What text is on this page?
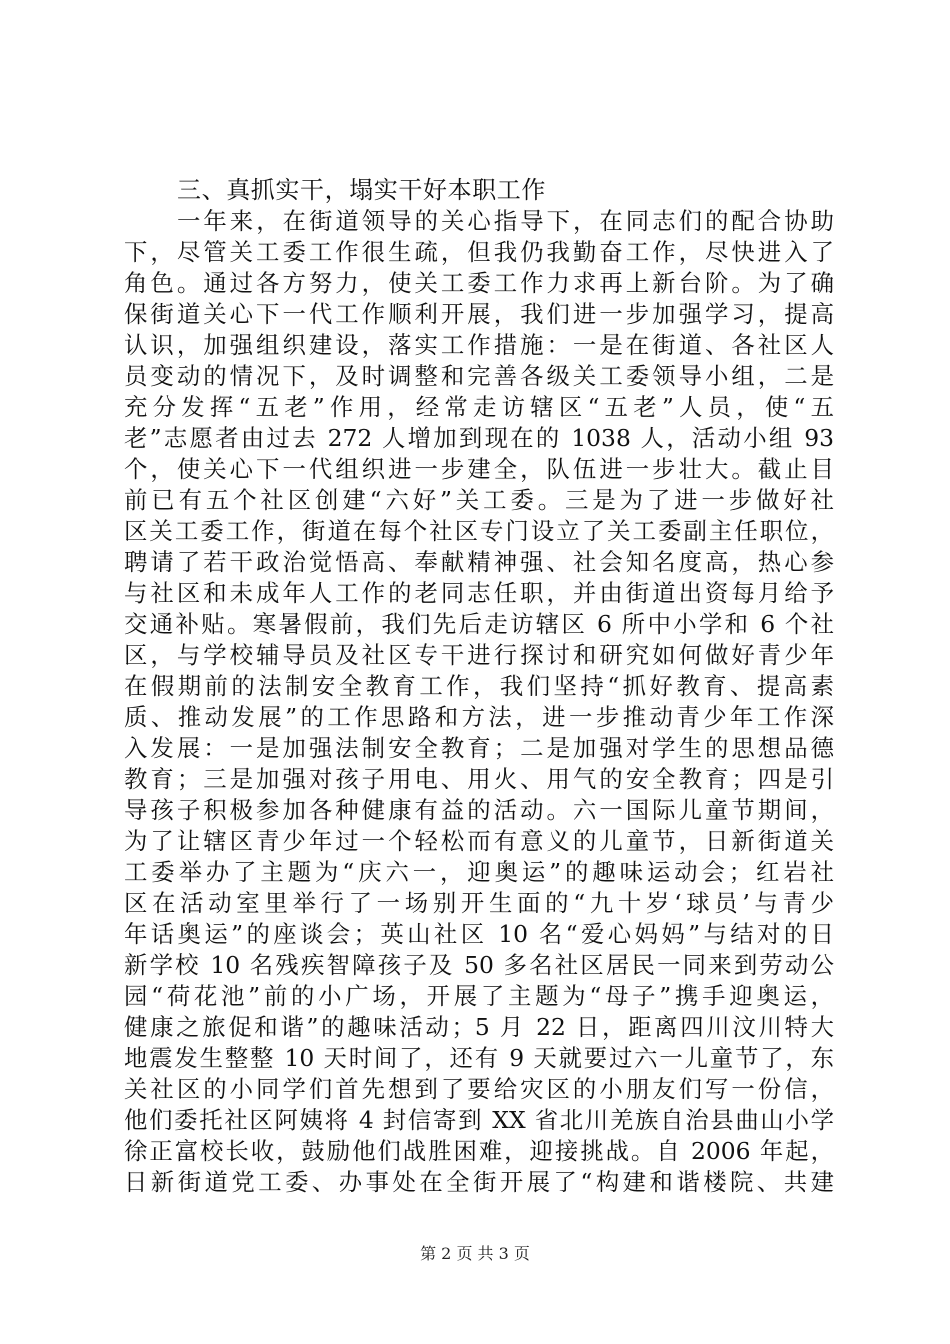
三、真抓实干，塌实干好本职工作
一年来，在街道领导的关心指导下，在同志们的配合协助
下，尽管关工委工作很生疏，但我仍我勤奋工作，尽快进入了
角色。通过各方努力，使关工委工作力求再上新台阶。为了确
保街道关心下一代工作顺利开展，我们进一步加强学习，提高
认识，加强组织建设，落实工作措施：一是在街道、各社区人
员变动的情况下，及时调整和完善各级关工委领导小组，二是
充分发挥“五老”作用，经常走访辖区“五老”人员，使“五
老”志愿者由过去 272 人增加到现在的 1038 人，活动小组 93
个，使关心下一代组织进一步建全，队伍进一步壮大。截止目
前已有五个社区创建“六好”关工委。三是为了进一步做好社
区关工委工作，街道在每个社区专门设立了关工委副主任职位，
聘请了若干政治觉悟高、奉献精神强、社会知名度高，热心参
与社区和未成年人工作的老同志任职，并由街道出资每月给予
交通补贴。寒暑假前，我们先后走访辖区 6 所中小学和 6 个社
区，与学校辅导员及社区专干进行探讨和研究如何做好青少年
在假期前的法制安全教育工作，我们坚持“抓好教育、提高素
质、推动发展”的工作思路和方法，进一步推动青少年工作深
入发展：一是加强法制安全教育；二是加强对学生的思想品德
教育；三是加强对孩子用电、用火、用气的安全教育；四是引
导孩子积极参加各种健康有益的活动。六一国际儿童节期间，
为了让辖区青少年过一个轻松而有意义的儿童节，日新街道关
工委举办了主题为“庆六一，迎奥运”的趣味运动会；红岩社
区在活动室里举行了一场别开生面的“九十岁‘球员’与青少
年话奥运”的座谈会；英山社区 10 名“爱心妈妈”与结对的日
新学校 10 名残疾智障孩子及 50 多名社区居民一同来到劳动公
园“荷花池”前的小广场，开展了主题为“母子”携手迎奥运，
健康之旅促和谐”的趣味活动；5 月 22 日，距离四川汶川特大
地震发生整整 10 天时间了，还有 9 天就要过六一儿童节了，东
关社区的小同学们首先想到了要给灾区的小朋友们写一份信，
他们委托社区阿姨将 4 封信寄到 XX 省北川羌族自治县曲山小学
徐正富校长收，鼓励他们战胜困难，迎接挑战。自 2006 年起，
日新街道党工委、办事处在全街开展了“构建和谐楼院、共建
第 2 页 共 3 页
